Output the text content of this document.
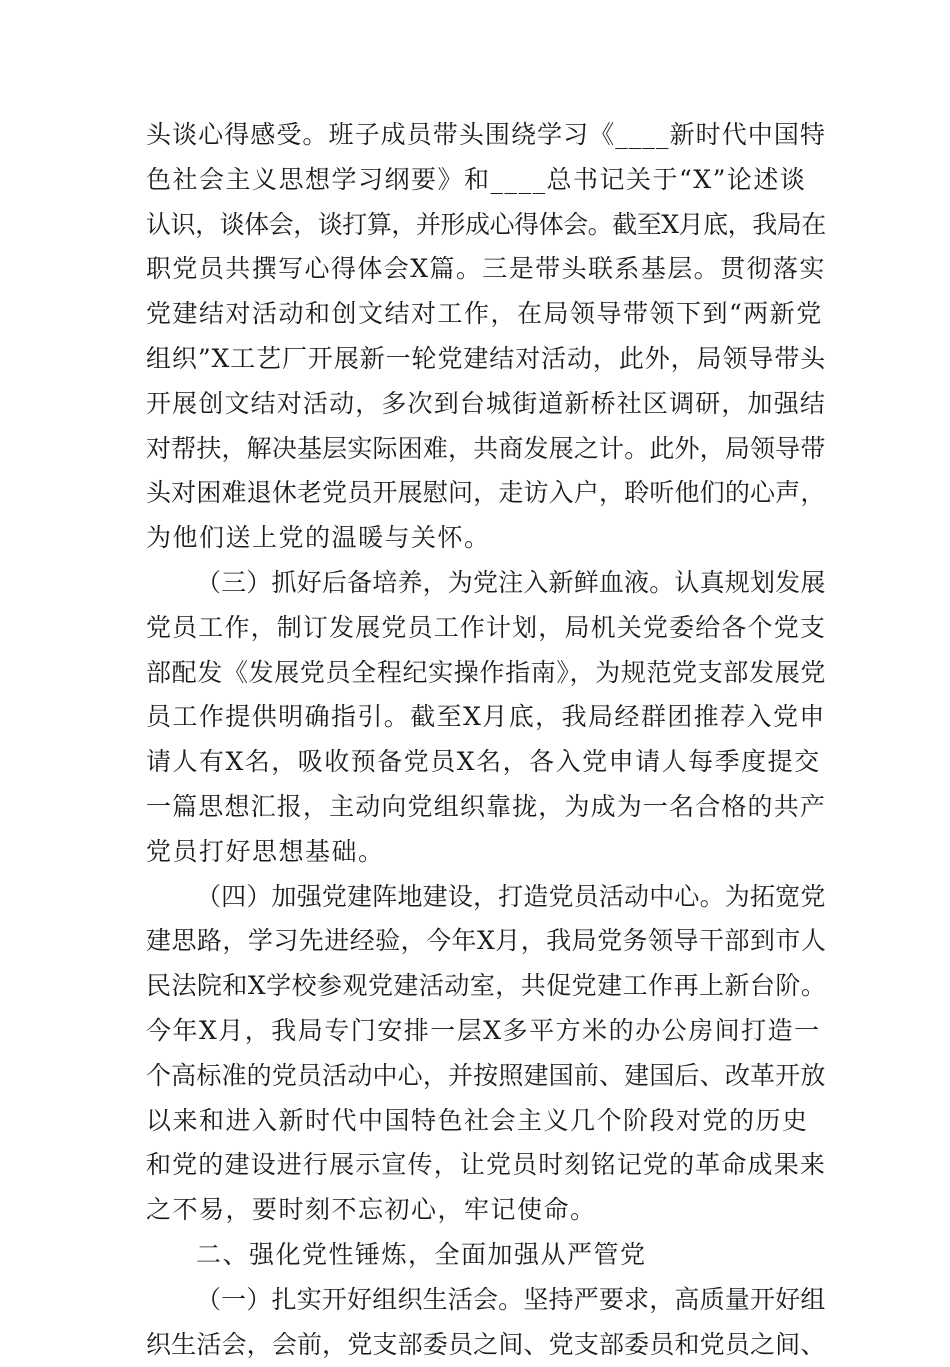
头谈心得感受。班子成员带头围绕学习《____新时代中国特
色社会主义思想学习纲要》和____总书记关于“X”论述谈
认识，谈体会，谈打算，并形成心得体会。截至X月底，我局在
职党员共撰写心得体会X篇。三是带头联系基层。贯彻落实
党建结对活动和创文结对工作，在局领导带领下到“两新党
组织”X工艺厂开展新一轮党建结对活动，此外，局领导带头
开展创文结对活动，多次到台城街道新桥社区调研，加强结
对帮扶，解决基层实际困难，共商发展之计。此外，局领导带
头对困难退休老党员开展慰问，走访入户，聆听他们的心声，
为他们送上党的温暖与关怀。
（三）抓好后备培养，为党注入新鲜血液。认真规划发展
党员工作，制订发展党员工作计划，局机关党委给各个党支
部配发《发展党员全程纪实操作指南》，为规范党支部发展党
员工作提供明确指引。截至X月底，我局经群团推荐入党申
请人有X名，吸收预备党员X名，各入党申请人每季度提交
一篇思想汇报，主动向党组织靠拢，为成为一名合格的共产
党员打好思想基础。
（四）加强党建阵地建设，打造党员活动中心。为拓宽党
建思路，学习先进经验，今年X月，我局党务领导干部到市人
民法院和X学校参观党建活动室，共促党建工作再上新台阶。
今年X月，我局专门安排一层X多平方米的办公房间打造一
个高标准的党员活动中心，并按照建国前、建国后、改革开放
以来和进入新时代中国特色社会主义几个阶段对党的历史
和党的建设进行展示宣传，让党员时刻铭记党的革命成果来
之不易，要时刻不忘初心，牢记使命。
二、强化党性锤炼，全面加强从严管党
（一）扎实开好组织生活会。坚持严要求，高质量开好组
织生活会，会前，党支部委员之间、党支部委员和党员之间、
